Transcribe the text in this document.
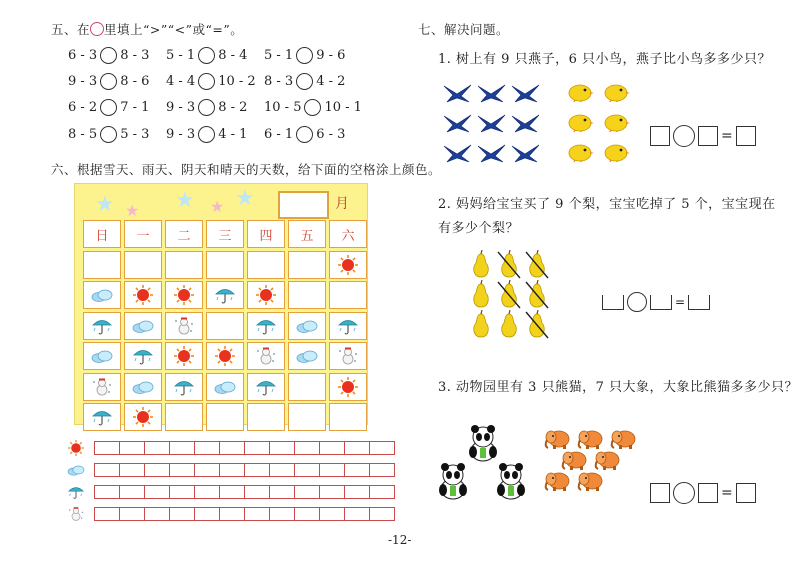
五、在 里填上“>”“<”或“=”。
6 - 3 8 - 3 5 - 1 8 - 4 5 - 1 9 - 6
9 - 3 8 - 6 4 - 4 10 - 2 8 - 3 4 - 2
6 - 2 7 - 1 9 - 3 8 - 2 10 - 5 10 - 1
8 - 5 5 - 3 9 - 3 4 - 1 6 - 1 6 - 3
六、根据雪天、雨天、阴天和晴天的天数，给下面的空格涂上颜色。
★ ★ ★ ★ ★	月
日	一	二	三	四	五	六
七、解决问题。
1. 树上有 9 只燕子，6 只小鸟，燕子比小鸟多多少只？
=
2. 妈妈给宝宝买了 9 个梨，宝宝吃掉了 5 个，宝宝现在
有多少个梨？
=
3. 动物园里有 3 只熊猫，7 只大象，大象比熊猫多多少只？
=
-12-
